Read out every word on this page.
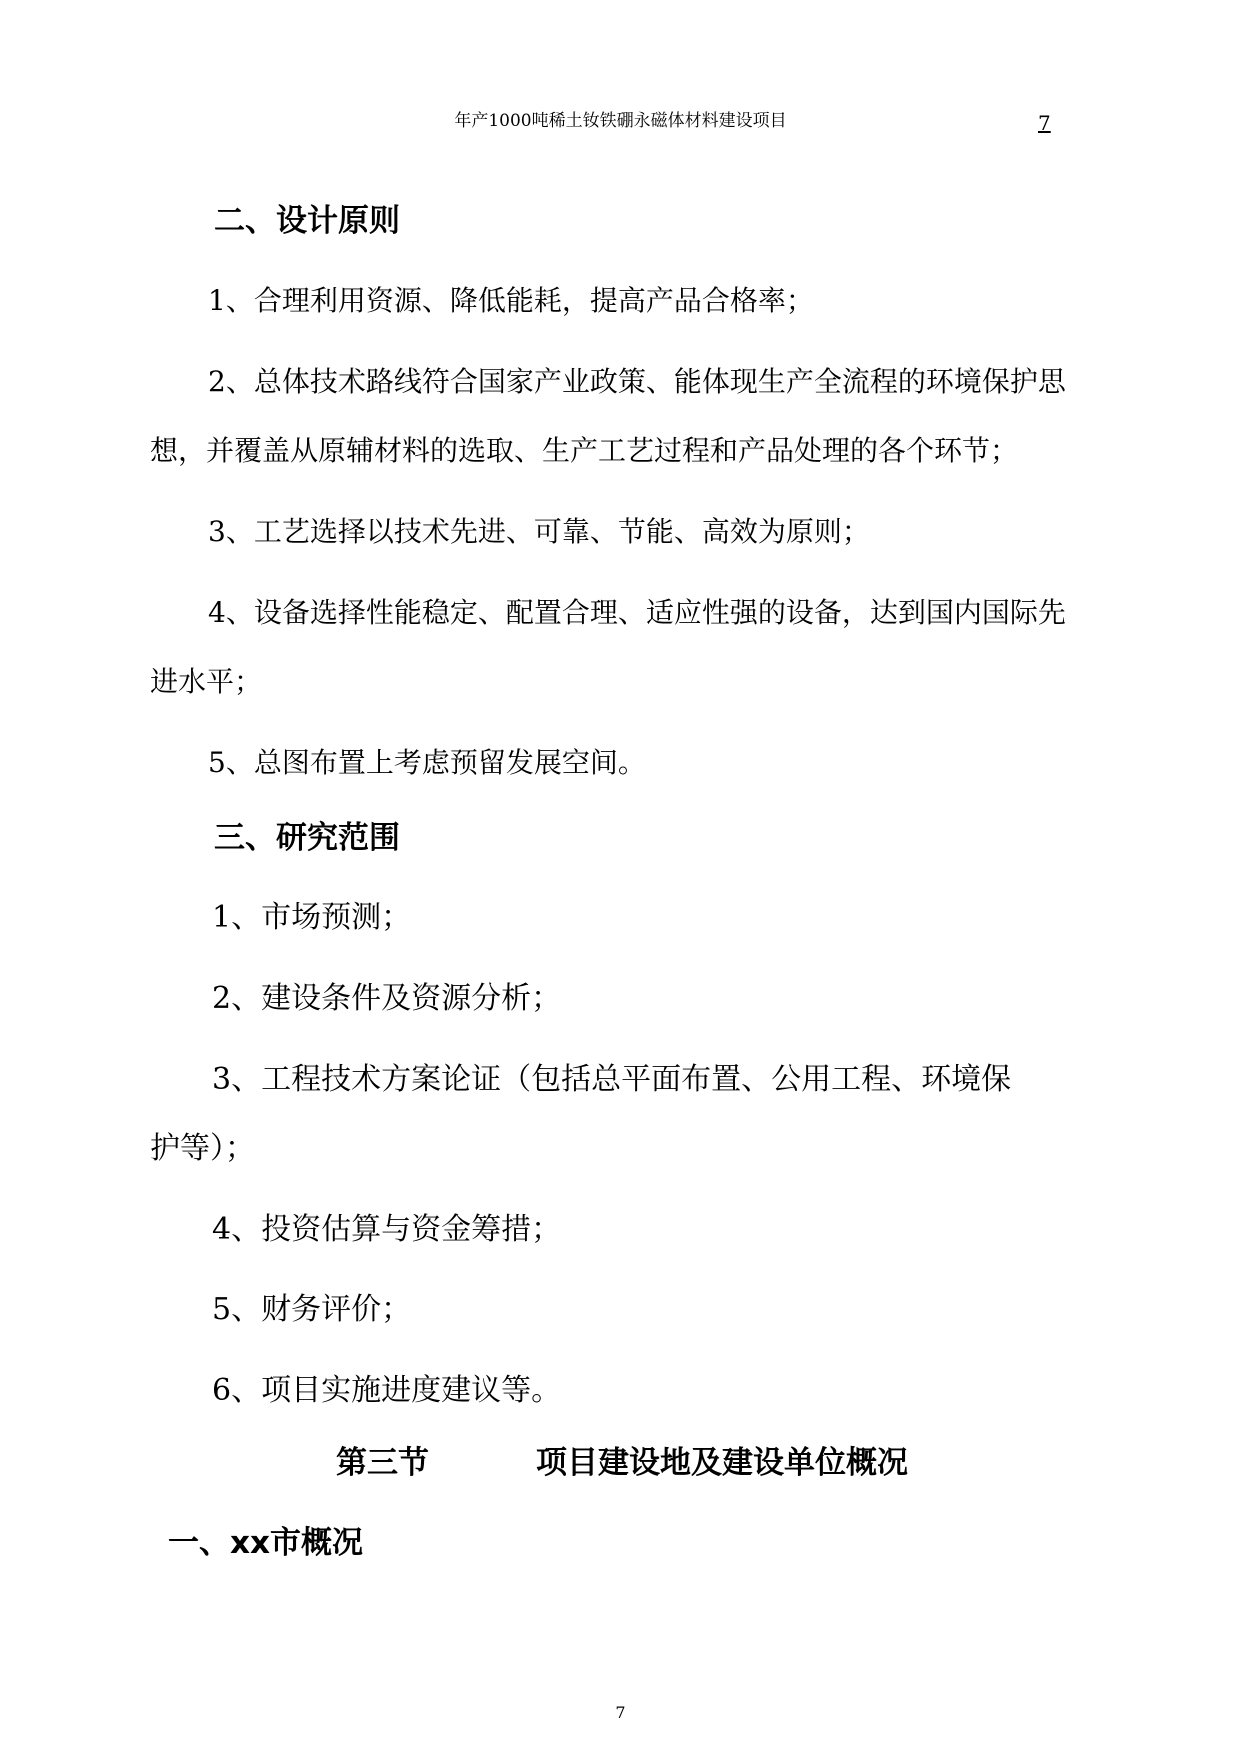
年产1000吨稀土钕铁硼永磁体材料建设项目	7
二、设计原则

1、合理利用资源、降低能耗，提高产品合格率；

2、总体技术路线符合国家产业政策、能体现生产全流程的环境保护思

想，并覆盖从原辅材料的选取、生产工艺过程和产品处理的各个环节；

3、工艺选择以技术先进、可靠、节能、高效为原则；

4、设备选择性能稳定、配置合理、适应性强的设备，达到国内国际先

进水平；

5、总图布置上考虑预留发展空间。

三、研究范围

1、市场预测；

2、建设条件及资源分析；

3、工程技术方案论证（包括总平面布置、公用工程、环境保

护等）；

4、投资估算与资金筹措；

5、财务评价；

6、项目实施进度建议等。

第三节	项目建设地及建设单位概况
一、xx市概况
7
